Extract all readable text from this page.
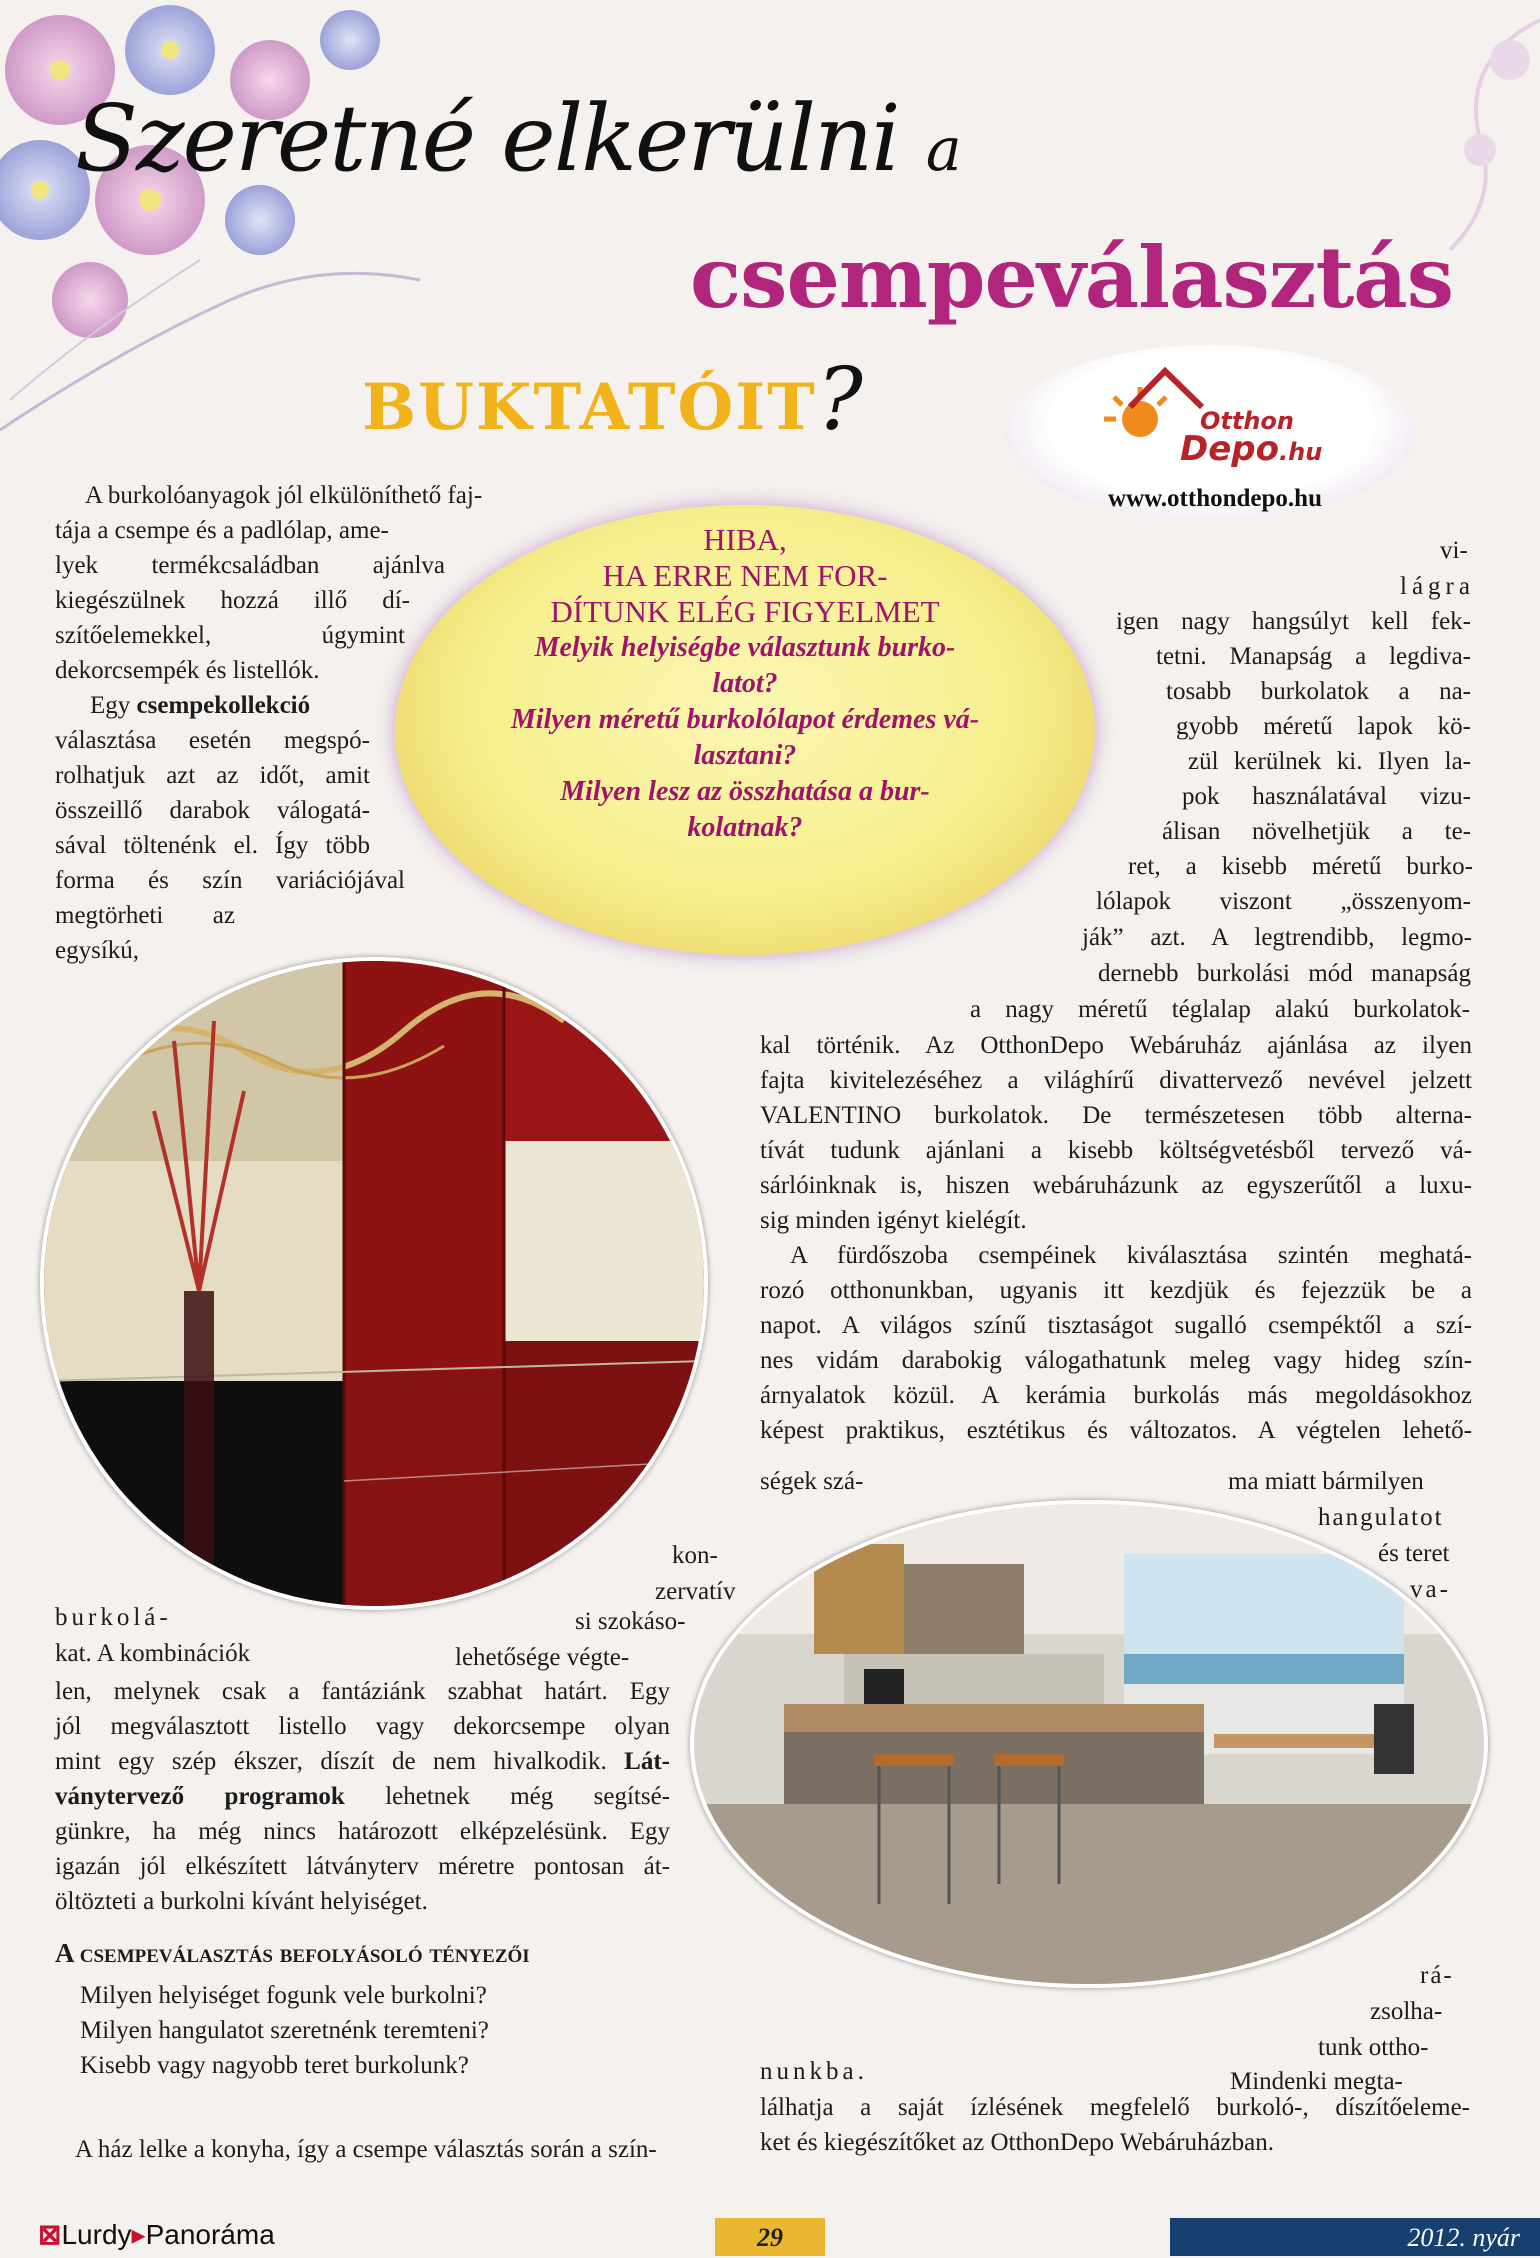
Szeretné elkerülni a
csempeválasztás
BUKTATÓIT?	Otthon
Depo.hu
www.otthondepo.hu

HIBA,
HA ERRE NEM FOR-
DÍTUNK ELÉG FIGYELMET

Melyik helyiségbe választunk burko-
latot?
Milyen méretű burkolólapot érdemes vá-
lasztani?
Milyen lesz az összhatása a bur-
kolatnak?

A burkolóanyagok jól elkülöníthető faj-
tája a csempe és a padlólap, ame-
lyek termékcsaládban ajánlva
kiegészülnek hozzá illő dí-
szítőelemekkel, úgymint
dekorcsempék és listellók.
Egy csempekollekció
választása esetén megspó-
rolhatjuk azt az időt, amit
összeillő darabok válogatá-
sával töltenénk el. Így több
forma és szín variációjával
megtörheti az
egysíkú,
kon-
zervatív
burkolá-	si szokáso-
kat. A kombinációk	lehetősége végte-
len, melynek csak a fantáziánk szabhat határt. Egy
jól megválasztott listello vagy dekorcsempe olyan
mint egy szép ékszer, díszít de nem hivalkodik. Lát-
ványtervező programok lehetnek még segítsé-
günkre, ha még nincs határozott elképzelésünk. Egy
igazán jól elkészített látványterv méretre pontosan át-
öltözteti a burkolni kívánt helyiséget.
A csempeválasztás befolyásoló tényezői
Milyen helyiséget fogunk vele burkolni?
Milyen hangulatot szeretnénk teremteni?
Kisebb vagy nagyobb teret burkolunk?
A ház lelke a konyha, így a csempe választás során a szín-
vi-
lágra
igen nagy hangsúlyt kell fek-
tetni. Manapság a legdiva-
tosabb burkolatok a na-
gyobb méretű lapok kö-
zül kerülnek ki. Ilyen la-
pok használatával vizu-
álisan növelhetjük a te-
ret, a kisebb méretű burko-
lólapok viszont „összenyom-
ják” azt. A legtrendibb, legmo-
dernebb burkolási mód manapság
a nagy méretű téglalap alakú burkolatok-
kal történik. Az OtthonDepo Webáruház ajánlása az ilyen
fajta kivitelezéséhez a világhírű divattervező nevével jelzett
VALENTINO burkolatok. De természetesen több alterna-
tívát tudunk ajánlani a kisebb költségvetésből tervező vá-
sárlóinknak is, hiszen webáruházunk az egyszerűtől a luxu-
sig minden igényt kielégít.
A fürdőszoba csempéinek kiválasztása szintén meghatá-
rozó otthonunkban, ugyanis itt kezdjük és fejezzük be a
napot. A világos színű tisztaságot sugalló csempéktől a szí-
nes vidám darabokig válogathatunk meleg vagy hideg szín-
árnyalatok közül. A kerámia burkolás más megoldásokhoz
képest praktikus, esztétikus és változatos. A végtelen lehető-
ségek szá-	ma miatt bármilyen
hangulatot
és teret
va-
rá-
zsolha-
tunk ottho-
nunkba.	Mindenki megta-
lálhatja a saját ízlésének megfelelő burkoló-, díszítőeleme-
ket és kiegészítőket az OtthonDepo Webáruházban.
⊠Lurdy▸Panoráma	29	2012. nyár
